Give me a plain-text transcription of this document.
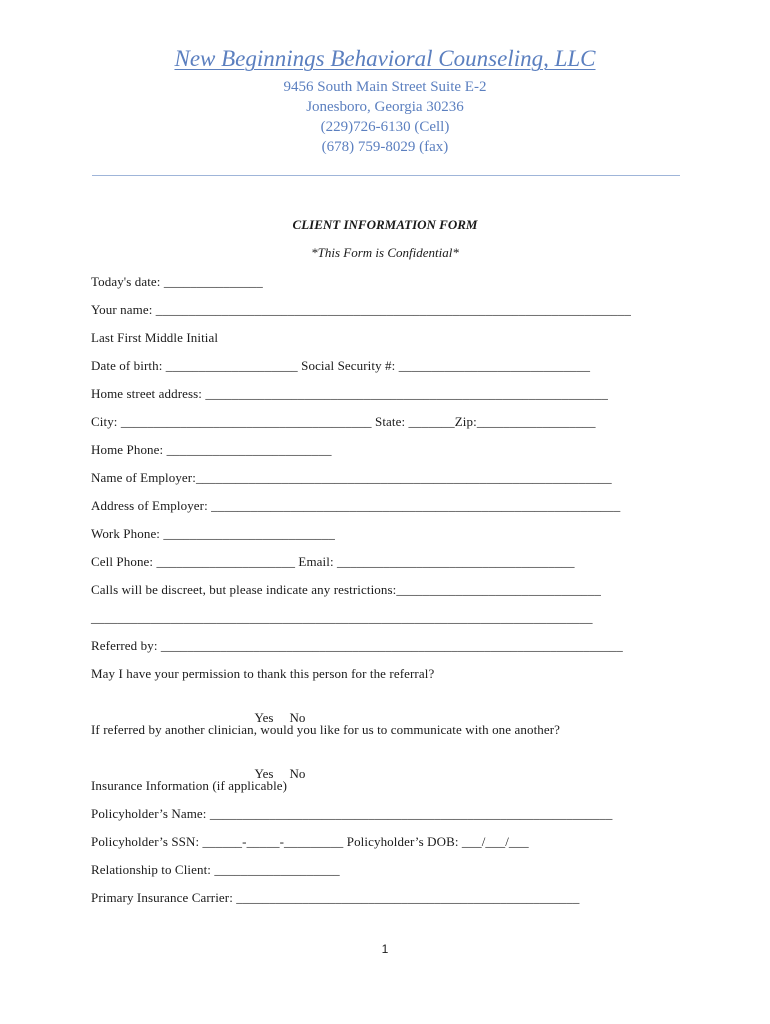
New Beginnings Behavioral Counseling, LLC
9456 South Main Street Suite E-2
Jonesboro, Georgia 30236
(229)726-6130 (Cell)
(678) 759-8029 (fax)
CLIENT INFORMATION FORM
*This Form is Confidential*
Today's date: _______________
Your name: ________________________________________________________________________
Last First Middle Initial
Date of birth: ____________________ Social Security #: _____________________________
Home street address: _____________________________________________________________
City: ______________________________________ State: _______Zip:__________________
Home Phone: _________________________
Name of Employer:_______________________________________________________________
Address of Employer: ______________________________________________________________
Work Phone: __________________________
Cell Phone: _____________________ Email: ____________________________________
Calls will be discreet, but please indicate any restrictions:_______________________________
____________________________________________________________________________
Referred by: ______________________________________________________________________
May I have your permission to thank this person for the referral?

Yes No

If referred by another clinician, would you like for us to communicate with one another?

Yes No

Insurance Information (if applicable)
Policyholder’s Name: _____________________________________________________________
Policyholder’s SSN: ______-_____-_________ Policyholder’s DOB: ___/___/___
Relationship to Client: ___________________
Primary Insurance Carrier: ____________________________________________________
1
